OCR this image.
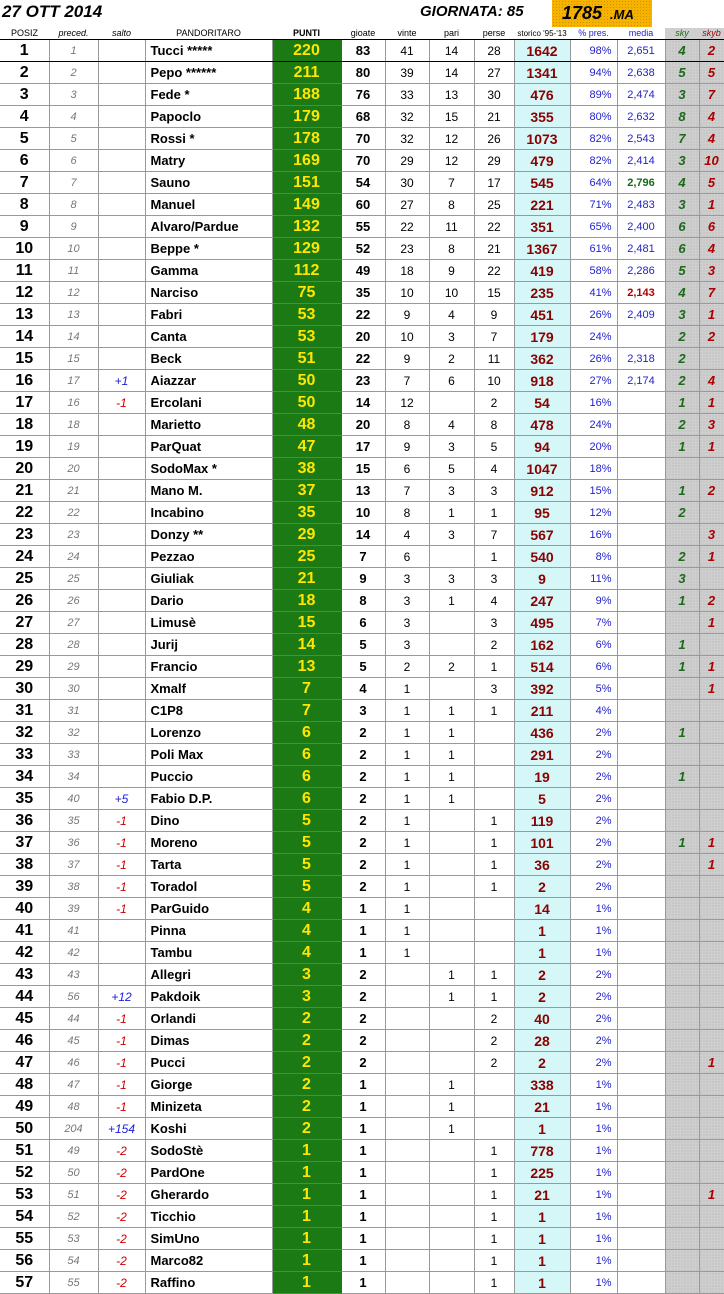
27 OTT 2014	GIORNATA: 85 1785 .MA
POSIZ	preced.	salto	PANDORITARO	PUNTI	gioate	vinte	pari	perse	storico '95-'13	% pres.	media	sky	skyb
1	1		Tucci *****	220	83	41	14	28	1642	98%	2,651	4	2
2	2		Pepo ******	211	80	39	14	27	1341	94%	2,638	5	5
3	3		Fede *	188	76	33	13	30	476	89%	2,474	3	7
4	4		Papoclo	179	68	32	15	21	355	80%	2,632	8	4
5	5		Rossi *	178	70	32	12	26	1073	82%	2,543	7	4
6	6		Matry	169	70	29	12	29	479	82%	2,414	3	10
7	7		Sauno	151	54	30	7	17	545	64%	2,796	4	5
8	8		Manuel	149	60	27	8	25	221	71%	2,483	3	1
9	9		Alvaro/Pardue	132	55	22	11	22	351	65%	2,400	6	6
10	10		Beppe *	129	52	23	8	21	1367	61%	2,481	6	4
11	11		Gamma	112	49	18	9	22	419	58%	2,286	5	3
12	12		Narciso	75	35	10	10	15	235	41%	2,143	4	7
13	13		Fabri	53	22	9	4	9	451	26%	2,409	3	1
14	14		Canta	53	20	10	3	7	179	24%		2	2
15	15		Beck	51	22	9	2	11	362	26%	2,318	2	
16	17	+1	Aiazzar	50	23	7	6	10	918	27%	2,174	2	4
17	16	-1	Ercolani	50	14	12		2	54	16%		1	1
18	18		Marietto	48	20	8	4	8	478	24%		2	3
19	19		ParQuat	47	17	9	3	5	94	20%		1	1
20	20		SodoMax *	38	15	6	5	4	1047	18%			
21	21		Mano M.	37	13	7	3	3	912	15%		1	2
22	22		Incabino	35	10	8	1	1	95	12%		2	
23	23		Donzy **	29	14	4	3	7	567	16%			3
24	24		Pezzao	25	7	6		1	540	8%		2	1
25	25		Giuliak	21	9	3	3	3	9	11%		3	
26	26		Dario	18	8	3	1	4	247	9%		1	2
27	27		Limusè	15	6	3		3	495	7%			1
28	28		Jurij	14	5	3		2	162	6%		1	
29	29		Francio	13	5	2	2	1	514	6%		1	1
30	30		Xmalf	7	4	1		3	392	5%			1
31	31		C1P8	7	3	1	1	1	211	4%			
32	32		Lorenzo	6	2	1	1		436	2%		1	
33	33		Poli Max	6	2	1	1		291	2%			
34	34		Puccio	6	2	1	1		19	2%		1	
35	40	+5	Fabio D.P.	6	2	1	1		5	2%			
36	35	-1	Dino	5	2	1		1	119	2%			
37	36	-1	Moreno	5	2	1		1	101	2%		1	1
38	37	-1	Tarta	5	2	1		1	36	2%			1
39	38	-1	Toradol	5	2	1		1	2	2%			
40	39	-1	ParGuido	4	1	1			14	1%			
41	41		Pinna	4	1	1			1	1%			
42	42		Tambu	4	1	1			1	1%			
43	43		Allegri	3	2		1	1	2	2%			
44	56	+12	Pakdoik	3	2		1	1	2	2%			
45	44	-1	Orlandi	2	2			2	40	2%			
46	45	-1	Dimas	2	2			2	28	2%			
47	46	-1	Pucci	2	2			2	2	2%			1
48	47	-1	Giorge	2	1		1		338	1%			
49	48	-1	Minizeta	2	1		1		21	1%			
50	204	+154	Koshi	2	1		1		1	1%			
51	49	-2	SodoStè	1	1			1	778	1%			
52	50	-2	PardOne	1	1			1	225	1%			
53	51	-2	Gherardo	1	1			1	21	1%			1
54	52	-2	Ticchio	1	1			1	1	1%			
55	53	-2	SimUno	1	1			1	1	1%			
56	54	-2	Marco82	1	1			1	1	1%			
57	55	-2	Raffino	1	1			1	1	1%			
